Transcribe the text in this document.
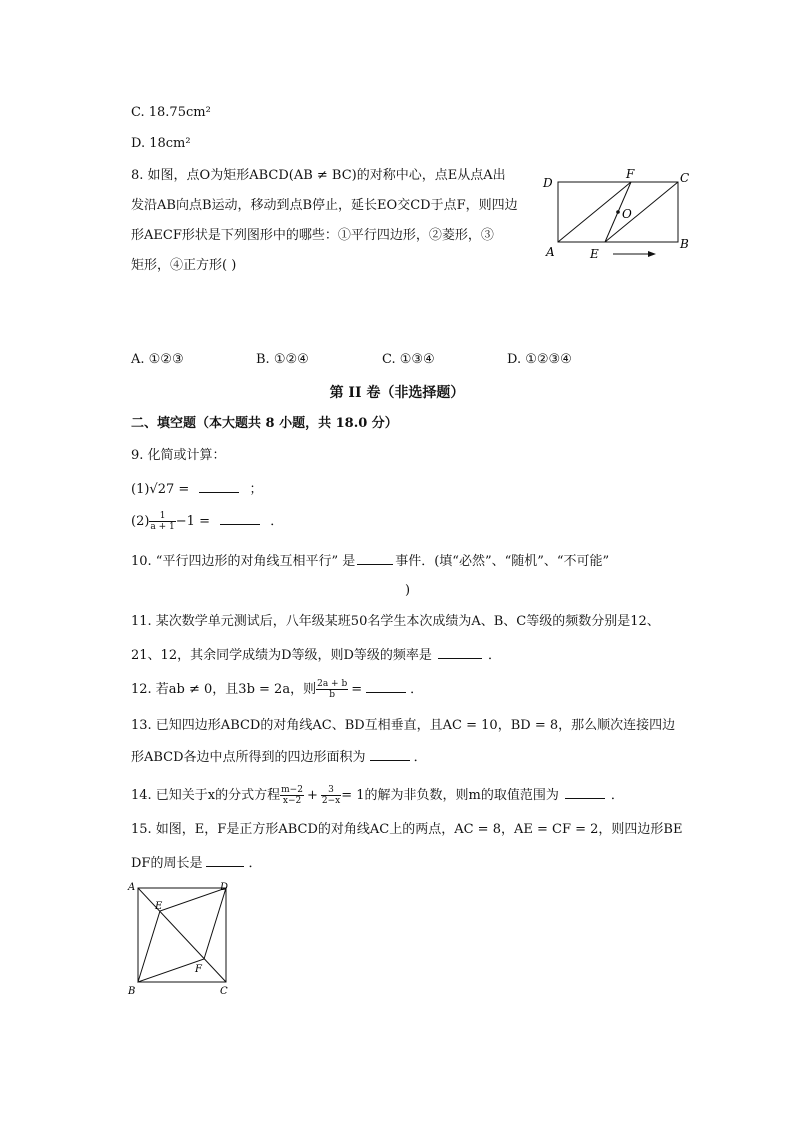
C. 18.75cm²
D. 18cm²
8. 如图，点O为矩形ABCD(AB ≠ BC)的对称中心，点E从点A出
发沿AB向点B运动，移动到点B停止，延长EO交CD于点F，则四边
形AECF形状是下列图形中的哪些：①平行四边形，②菱形，③
矩形，④正方形( )
D
F	C
O
A	E
B
A. ①②③	B. ①②④	C. ①③④	D. ①②③④
第 II 卷（非选择题）
二、填空题（本大题共 8 小题，共 18.0 分）
9. 化简或计算：
(1)√27 =	；
$(2) \frac{1}{a + 1} -1$ =	．
10. “平行四边形的对角线互相平行” 是	事件．(填“必然”、“随机”、“不可能”
)
11. 某次数学单元测试后，八年级某班50名学生本次成绩为A、B、C等级的频数分别是12、
21、12，其余同学成绩为D等级，则D等级的频率是	．
12. 若ab ≠ 0，且3b = 2a，则 $\frac{2a + b}{b}$ =	．
13. 已知四边形ABCD的对角线AC、BD互相垂直，且AC = 10，BD = 8，那么顺次连接四边
形ABCD各边中点所得到的四边形面积为	．
14. 已知关于x的分式方程 $\frac{m-2}{x-2} + \frac{3}{2-x} = 1$的解为非负数，则m的取值范围为	．
15. 如图，E，F是正方形ABCD的对角线AC上的两点，AC = 8，AE = CF = 2，则四边形BE
DF的周长是	．
A	D
E
F
B	C
